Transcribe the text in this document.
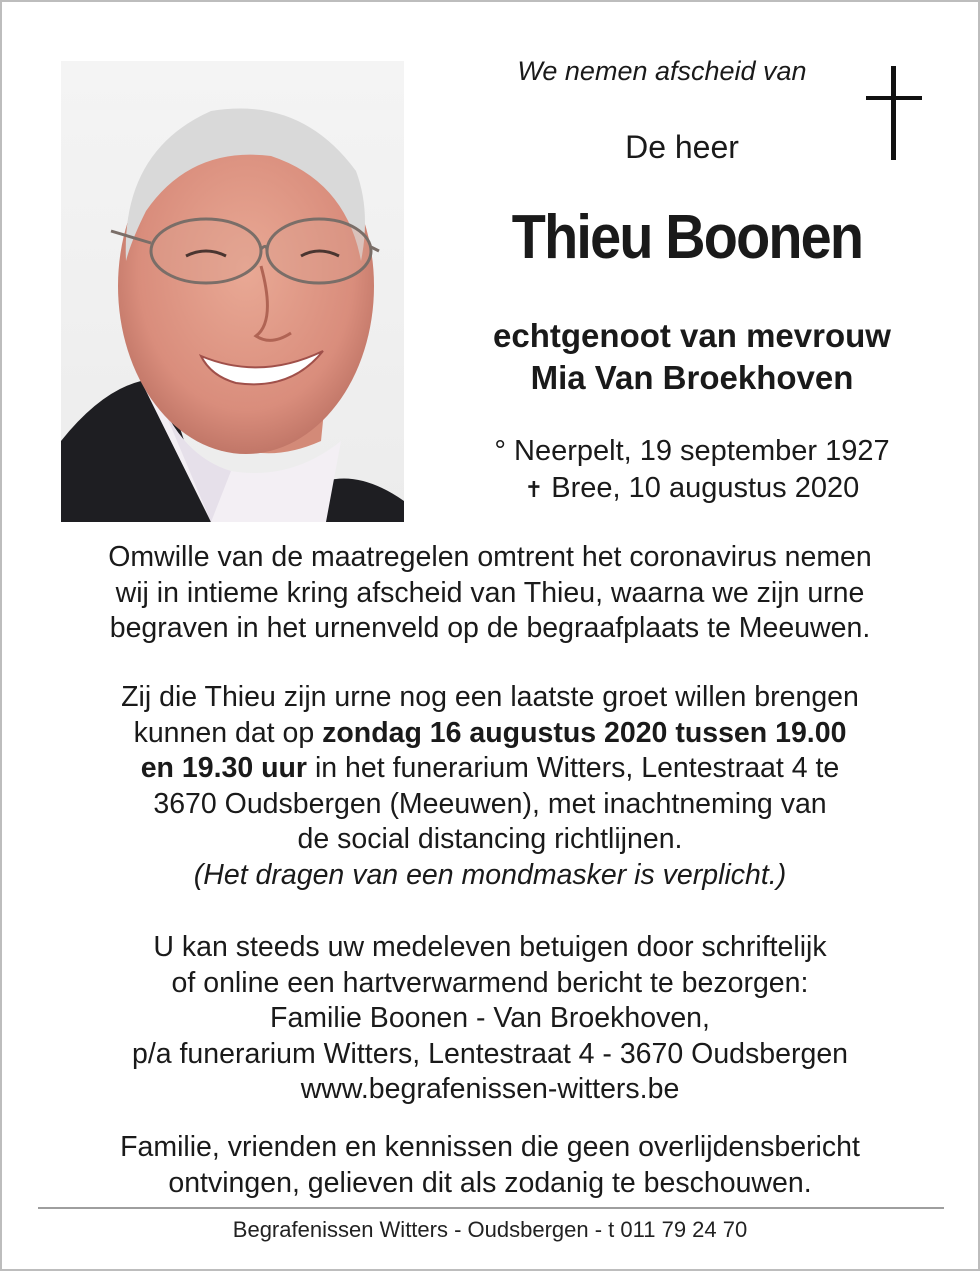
We nemen afscheid van
De heer
Thieu Boonen
echtgenoot van mevrouw
Mia Van Broekhoven
° Neerpelt, 19 september 1927
✝ Bree, 10 augustus 2020
Omwille van de maatregelen omtrent het coronavirus nemen
wij in intieme kring afscheid van Thieu, waarna we zijn urne
begraven in het urnenveld op de begraafplaats te Meeuwen.
Zij die Thieu zijn urne nog een laatste groet willen brengen
kunnen dat op zondag 16 augustus 2020 tussen 19.00
en 19.30 uur in het funerarium Witters, Lentestraat 4 te
3670 Oudsbergen (Meeuwen), met inachtneming van
de social distancing richtlijnen.
(Het dragen van een mondmasker is verplicht.)
U kan steeds uw medeleven betuigen door schriftelijk
of online een hartverwarmend bericht te bezorgen:
Familie Boonen - Van Broekhoven,
p/a funerarium Witters, Lentestraat 4 - 3670 Oudsbergen
www.begrafenissen-witters.be
Familie, vrienden en kennissen die geen overlijdensbericht
ontvingen, gelieven dit als zodanig te beschouwen.
Begrafenissen Witters - Oudsbergen - t 011 79 24 70
